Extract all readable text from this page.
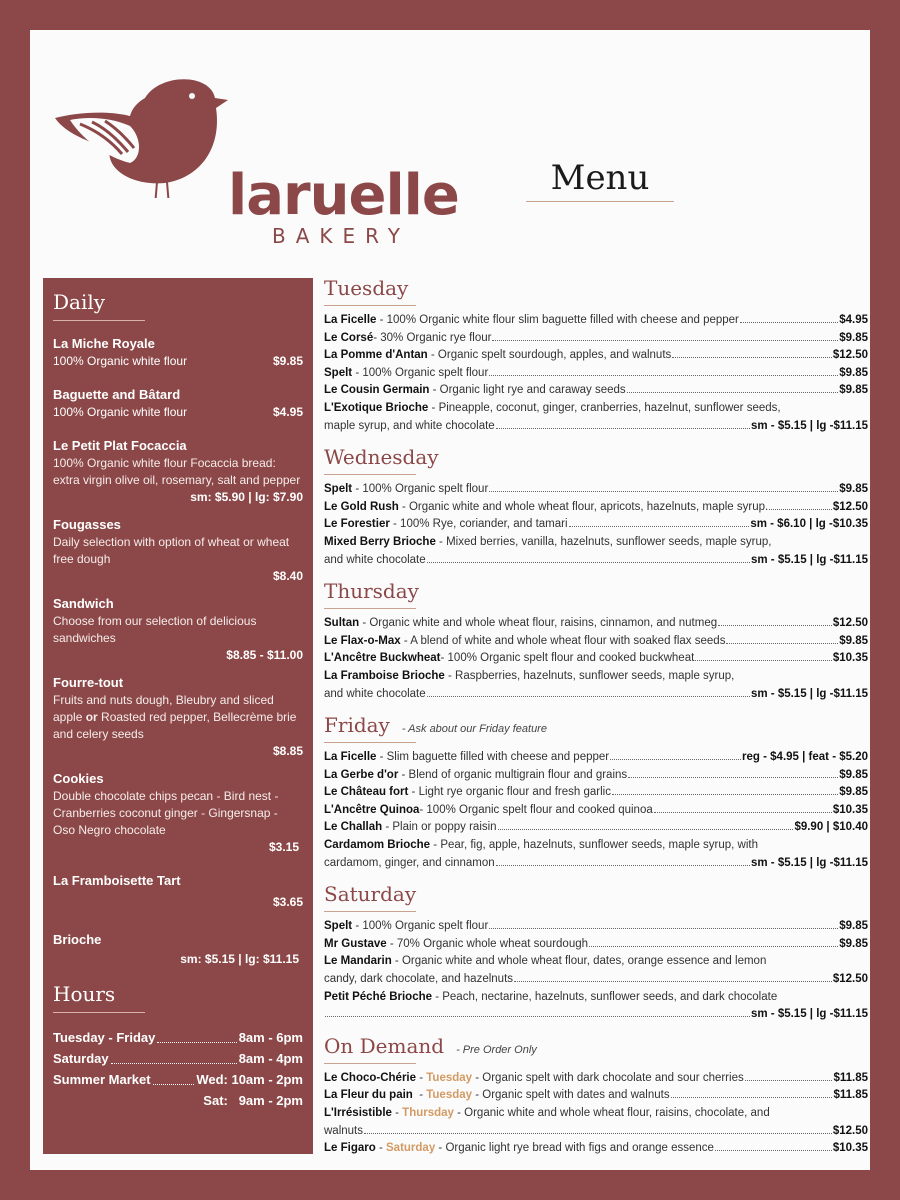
laruelle
BAKERY
Menu
Daily
La Miche Royale
100% Organic white flour	$9.85
Baguette and Bâtard
100% Organic white flour	$4.95
Le Petit Plat Focaccia
100% Organic white flour Focaccia bread: extra virgin olive oil, rosemary, salt and pepper
sm: $5.90 | lg: $7.90
Fougasses
Daily selection with option of wheat or wheat free dough
$8.40
Sandwich
Choose from our selection of delicious sandwiches
$8.85 - $11.00
Fourre-tout
Fruits and nuts dough, Bleubry and sliced apple or Roasted red pepper, Bellecrème brie and celery seeds
$8.85
Cookies
Double chocolate chips pecan - Bird nest - Cranberries coconut ginger - Gingersnap - Oso Negro chocolate
$3.15
La Framboisette Tart
$3.65
Brioche
sm: $5.15 | lg: $11.15
Hours
Tuesday - Friday	8am - 6pm
Saturday	8am - 4pm
Summer Market	Wed: 10am - 2pm
Sat:   9am - 2pm
Tuesday
La Ficelle - 100% Organic white flour slim baguette filled with cheese and pepper	$4.95
Le Corsé- 30% Organic rye flour	$9.85
La Pomme d'Antan - Organic spelt sourdough, apples, and walnuts	$12.50
Spelt - 100% Organic spelt flour	$9.85
Le Cousin Germain - Organic light rye and caraway seeds	$9.85
L'Exotique Brioche - Pineapple, coconut, ginger, cranberries, hazelnut, sunflower seeds,
maple syrup, and white chocolate	sm - $5.15 | lg -$11.15
Wednesday
Spelt - 100% Organic spelt flour	$9.85
Le Gold Rush - Organic white and whole wheat flour, apricots, hazelnuts, maple syrup.	$12.50
Le Forestier - 100% Rye, coriander, and tamari	sm - $6.10 | lg -$10.35
Mixed Berry Brioche - Mixed berries, vanilla, hazelnuts, sunflower seeds, maple syrup,
and white chocolate	sm - $5.15 | lg -$11.15
Thursday
Sultan - Organic white and whole wheat flour, raisins, cinnamon, and nutmeg	$12.50
Le Flax-o-Max - A blend of white and whole wheat flour with soaked flax seeds	$9.85
L'Ancêtre Buckwheat- 100% Organic spelt flour and cooked buckwheat	$10.35
La Framboise Brioche - Raspberries, hazelnuts, sunflower seeds, maple syrup,
and white chocolate	sm - $5.15 | lg -$11.15
Friday - Ask about our Friday feature
La Ficelle - Slim baguette filled with cheese and pepper	reg - $4.95 | feat - $5.20
La Gerbe d'or - Blend of organic multigrain flour and grains	$9.85
Le Château fort - Light rye organic flour and fresh garlic	$9.85
L'Ancêtre Quinoa- 100% Organic spelt flour and cooked quinoa	$10.35
Le Challah - Plain or poppy raisin	$9.90 | $10.40
Cardamom Brioche - Pear, fig, apple, hazelnuts, sunflower seeds, maple syrup, with
cardamom, ginger, and cinnamon	sm - $5.15 | lg -$11.15
Saturday
Spelt - 100% Organic spelt flour	$9.85
Mr Gustave - 70% Organic whole wheat sourdough	$9.85
Le Mandarin - Organic white and whole wheat flour, dates, orange essence and lemon
candy, dark chocolate, and hazelnuts	$12.50
Petit Péché Brioche - Peach, nectarine, hazelnuts, sunflower seeds, and dark chocolate
sm - $5.15 | lg -$11.15
On Demand - Pre Order Only
Le Choco-Chérie - Tuesday - Organic spelt with dark chocolate and sour cherries	$11.85
La Fleur du pain  - Tuesday - Organic spelt with dates and walnuts	$11.85
L'Irrésistible - Thursday - Organic white and whole wheat flour, raisins, chocolate, and
walnuts	$12.50
Le Figaro - Saturday - Organic light rye bread with figs and orange essence	$10.35
